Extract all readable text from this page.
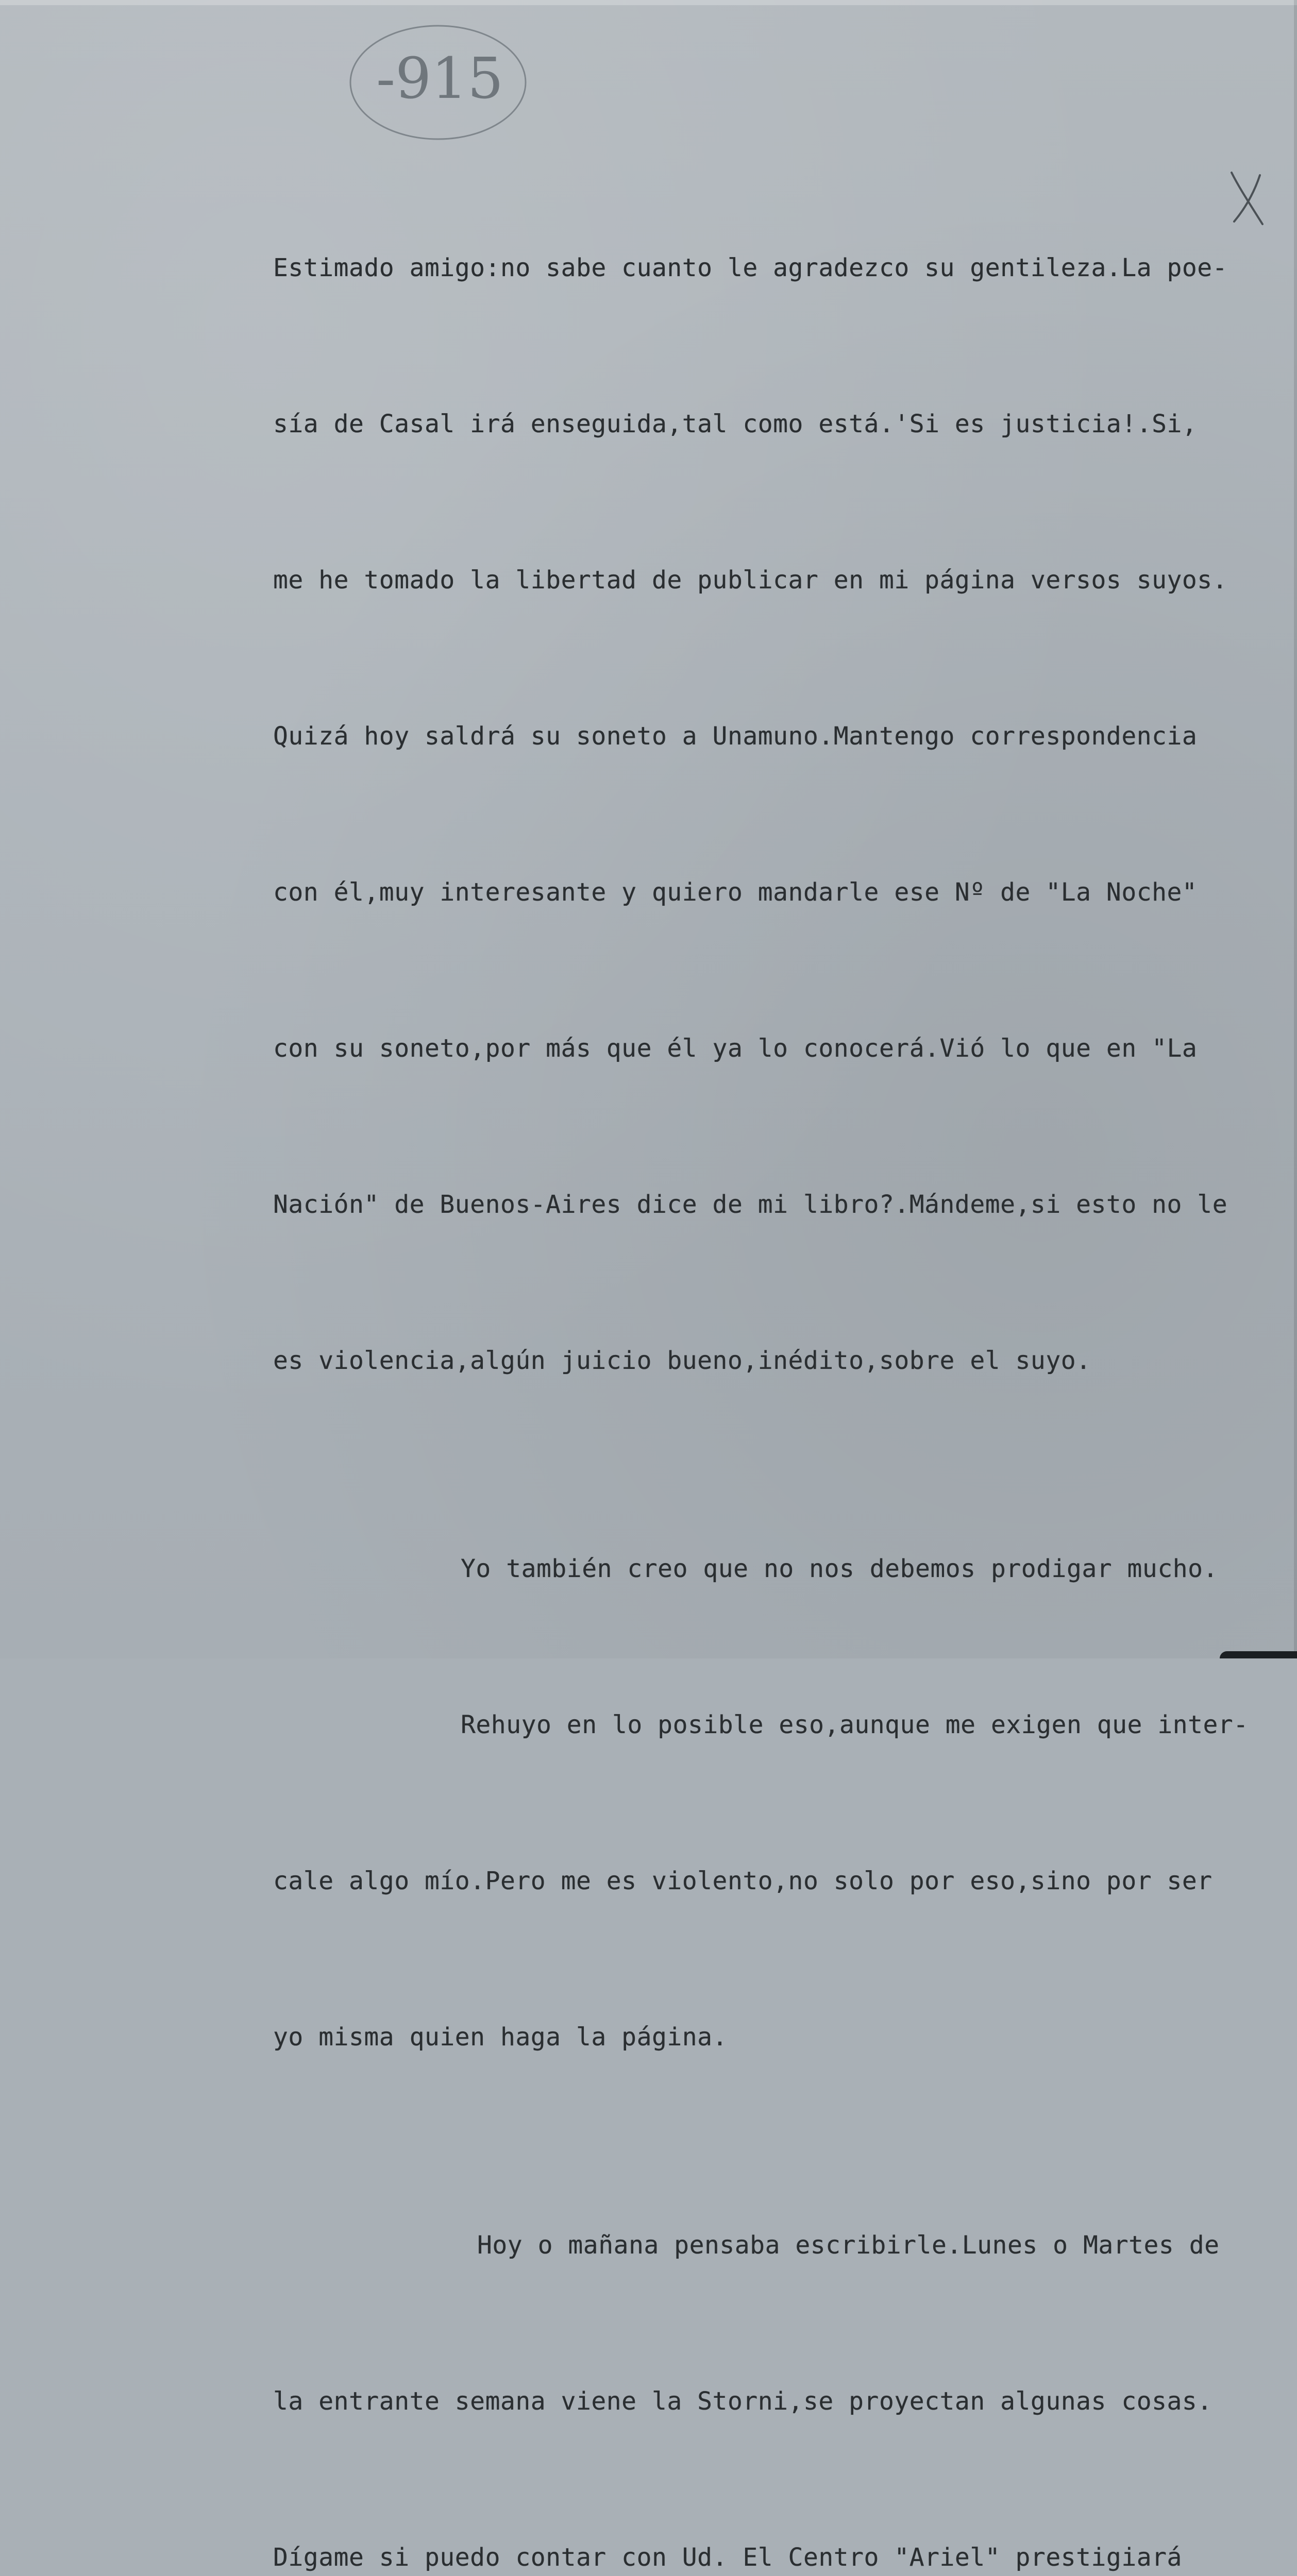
-915

Estimado amigo:no sabe cuanto le agradezco su gentileza.La poe-

sía de Casal irá enseguida,tal como está.'Si es justicia!.Si,

me he tomado la libertad de publicar en mi página versos suyos.

Quizá hoy saldrá su soneto a Unamuno.Mantengo correspondencia

con él,muy interesante y quiero mandarle ese Nº de "La Noche"

con su soneto,por más que él ya lo conocerá.Vió lo que en "La

Nación" de Buenos-Aires dice de mi libro?.Mándeme,si esto no le

es violencia,algún juicio bueno,inédito,sobre el suyo.

Yo también creo que no nos debemos prodigar mucho.

Rehuyo en lo posible eso,aunque me exigen que inter-

cale algo mío.Pero me es violento,no solo por eso,sino por ser

yo misma quien haga la página.

Hoy o mañana pensaba escribirle.Lunes o Martes de

la entrante semana viene la Storni,se proyectan algunas cosas.

Dígame si puedo contar con Ud. El Centro "Ariel" prestigiará
